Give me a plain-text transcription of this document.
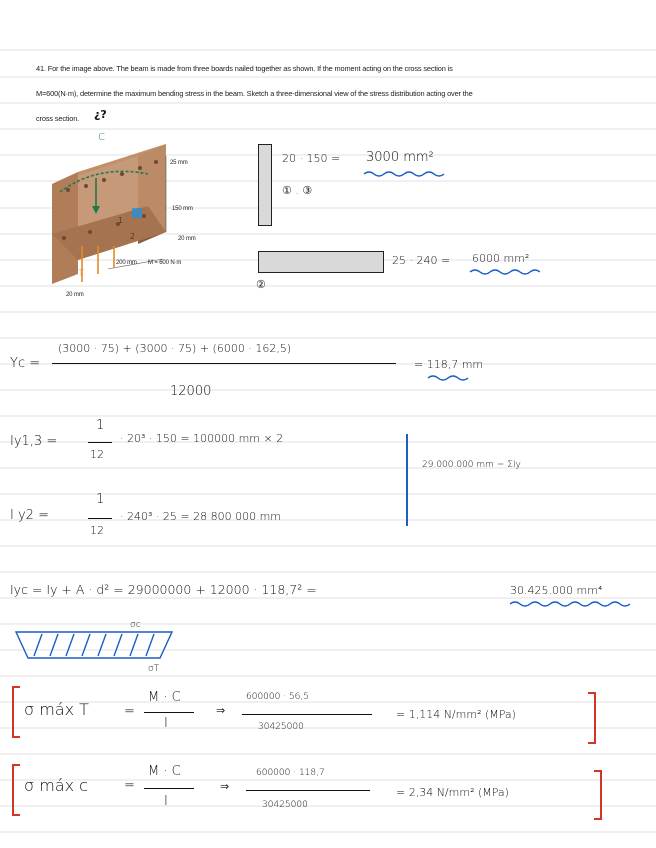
41. For the image above. The beam is made from three boards nailed together as shown. If the moment acting on the cross section is
M=600(N·m), determine the maximum bending stress in the beam. Sketch a three-dimensional view of the stress distribution acting over the
cross section. ¿?
C
T
1
2
25 mm
150 mm
20 mm
200 mm M = 600 N·m
20 mm
20 · 150 = 3000 mm²
① . ③
25 · 240 = 6000 mm²
②
Yc =
(3000 · 75) + (3000 · 75) + (6000 · 162,5)
12000
= 118,7 mm
Iy1,3 =
1
12
· 20³ · 150 = 100000 mm × 2
I y2 =
1
12
· 240³ · 25 = 28 800 000 mm
29.000.000 mm = ΣIy
Iyc = Iy + A · d² = 29000000 + 12000 · 118,7² =	30.425.000 mm⁴
σc
σT
σ máx T	=
M · C
I
⇒
600000 · 56,5
30425000
= 1,114 N/mm² (MPa)
σ máx c	=
M · C
I
⇒
600000 · 118,7
30425000
= 2,34 N/mm² (MPa)
